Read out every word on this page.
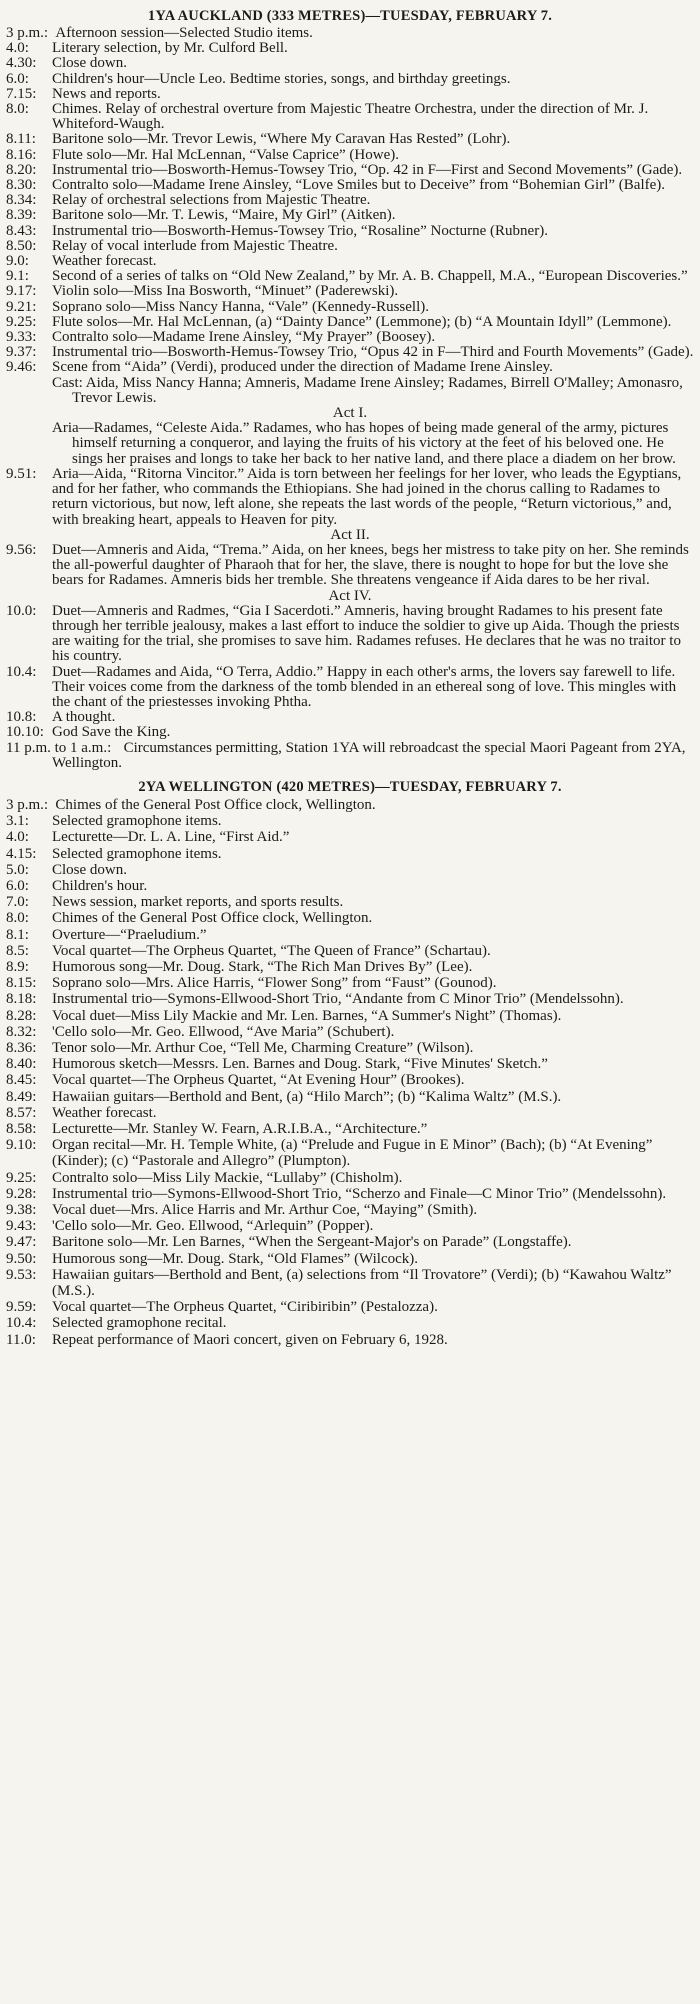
1YA AUCKLAND (333 METRES)—TUESDAY, FEBRUARY 7.
3 p.m.: Afternoon session—Selected Studio items.
4.0:	Literary selection, by Mr. Culford Bell.
4.30:	Close down.
6.0:	Children's hour—Uncle Leo. Bedtime stories, songs, and birthday greetings.
7.15:	News and reports.
8.0:	Chimes. Relay of orchestral overture from Majestic Theatre Orchestra, under the direction of Mr. J. Whiteford-Waugh.
8.11:	Baritone solo—Mr. Trevor Lewis, “Where My Caravan Has Rested” (Lohr).
8.16:	Flute solo—Mr. Hal McLennan, “Valse Caprice” (Howe).
8.20:	Instrumental trio—Bosworth-Hemus-Towsey Trio, “Op. 42 in F—First and Second Movements” (Gade).
8.30:	Contralto solo—Madame Irene Ainsley, “Love Smiles but to Deceive” from “Bohemian Girl” (Balfe).
8.34:	Relay of orchestral selections from Majestic Theatre.
8.39:	Baritone solo—Mr. T. Lewis, “Maire, My Girl” (Aitken).
8.43:	Instrumental trio—Bosworth-Hemus-Towsey Trio, “Rosaline” Nocturne (Rubner).
8.50:	Relay of vocal interlude from Majestic Theatre.
9.0:	Weather forecast.
9.1:	Second of a series of talks on “Old New Zealand,” by Mr. A. B. Chappell, M.A., “European Discoveries.”
9.17:	Violin solo—Miss Ina Bosworth, “Minuet” (Paderewski).
9.21:	Soprano solo—Miss Nancy Hanna, “Vale” (Kennedy-Russell).
9.25:	Flute solos—Mr. Hal McLennan, (a) “Dainty Dance” (Lemmone); (b) “A Mountain Idyll” (Lemmone).
9.33:	Contralto solo—Madame Irene Ainsley, “My Prayer” (Boosey).
9.37:	Instrumental trio—Bosworth-Hemus-Towsey Trio, “Opus 42 in F—Third and Fourth Movements” (Gade).
9.46:	Scene from “Aida” (Verdi), produced under the direction of Madame Irene Ainsley.
Cast: Aida, Miss Nancy Hanna; Amneris, Madame Irene Ainsley; Radames, Birrell O'Malley; Amonasro, Trevor Lewis.
Act I.
Aria—Radames, “Celeste Aida.” Radames, who has hopes of being made general of the army, pictures himself returning a conqueror, and laying the fruits of his victory at the feet of his beloved one. He sings her praises and longs to take her back to her native land, and there place a diadem on her brow.
9.51:	Aria—Aida, “Ritorna Vincitor.” Aida is torn between her feelings for her lover, who leads the Egyptians, and for her father, who commands the Ethiopians. She had joined in the chorus calling to Radames to return victorious, but now, left alone, she repeats the last words of the people, “Return victorious,” and, with breaking heart, appeals to Heaven for pity.
Act II.
9.56:	Duet—Amneris and Aida, “Trema.” Aida, on her knees, begs her mistress to take pity on her. She reminds the all-powerful daughter of Pharaoh that for her, the slave, there is nought to hope for but the love she bears for Radames. Amneris bids her tremble. She threatens vengeance if Aida dares to be her rival.
Act IV.
10.0:	Duet—Amneris and Radmes, “Gia I Sacerdoti.” Amneris, having brought Radames to his present fate through her terrible jealousy, makes a last effort to induce the soldier to give up Aida. Though the priests are waiting for the trial, she promises to save him. Radames refuses. He declares that he was no traitor to his country.
10.4:	Duet—Radames and Aida, “O Terra, Addio.” Happy in each other's arms, the lovers say farewell to life. Their voices come from the darkness of the tomb blended in an ethereal song of love. This mingles with the chant of the priestesses invoking Phtha.
10.8:	A thought.
10.10: God Save the King.
11 p.m. to 1 a.m.: Circumstances permitting, Station 1YA will rebroadcast the special Maori Pageant from 2YA, Wellington.
2YA WELLINGTON (420 METRES)—TUESDAY, FEBRUARY 7.
3 p.m.: Chimes of the General Post Office clock, Wellington.
3.1:	Selected gramophone items.
4.0:	Lecturette—Dr. L. A. Line, “First Aid.”
4.15:	Selected gramophone items.
5.0:	Close down.
6.0:	Children's hour.
7.0:	News session, market reports, and sports results.
8.0:	Chimes of the General Post Office clock, Wellington.
8.1:	Overture—“Praeludium.”
8.5:	Vocal quartet—The Orpheus Quartet, “The Queen of France” (Schartau).
8.9:	Humorous song—Mr. Doug. Stark, “The Rich Man Drives By” (Lee).
8.15:	Soprano solo—Mrs. Alice Harris, “Flower Song” from “Faust” (Gounod).
8.18:	Instrumental trio—Symons-Ellwood-Short Trio, “Andante from C Minor Trio” (Mendelssohn).
8.28:	Vocal duet—Miss Lily Mackie and Mr. Len. Barnes, “A Summer's Night” (Thomas).
8.32:	'Cello solo—Mr. Geo. Ellwood, “Ave Maria” (Schubert).
8.36:	Tenor solo—Mr. Arthur Coe, “Tell Me, Charming Creature” (Wilson).
8.40:	Humorous sketch—Messrs. Len. Barnes and Doug. Stark, “Five Minutes' Sketch.”
8.45:	Vocal quartet—The Orpheus Quartet, “At Evening Hour” (Brookes).
8.49:	Hawaiian guitars—Berthold and Bent, (a) “Hilo March”; (b) “Kalima Waltz” (M.S.).
8.57:	Weather forecast.
8.58:	Lecturette—Mr. Stanley W. Fearn, A.R.I.B.A., “Architecture.”
9.10:	Organ recital—Mr. H. Temple White, (a) “Prelude and Fugue in E Minor” (Bach); (b) “At Evening” (Kinder); (c) “Pastorale and Allegro” (Plumpton).
9.25:	Contralto solo—Miss Lily Mackie, “Lullaby” (Chisholm).
9.28:	Instrumental trio—Symons-Ellwood-Short Trio, “Scherzo and Finale—C Minor Trio” (Mendelssohn).
9.38:	Vocal duet—Mrs. Alice Harris and Mr. Arthur Coe, “Maying” (Smith).
9.43:	'Cello solo—Mr. Geo. Ellwood, “Arlequin” (Popper).
9.47:	Baritone solo—Mr. Len Barnes, “When the Sergeant-Major's on Parade” (Longstaffe).
9.50:	Humorous song—Mr. Doug. Stark, “Old Flames” (Wilcock).
9.53:	Hawaiian guitars—Berthold and Bent, (a) selections from “Il Trovatore” (Verdi); (b) “Kawahou Waltz” (M.S.).
9.59:	Vocal quartet—The Orpheus Quartet, “Ciribiribin” (Pestalozza).
10.4:	Selected gramophone recital.
11.0:	Repeat performance of Maori concert, given on February 6, 1928.
